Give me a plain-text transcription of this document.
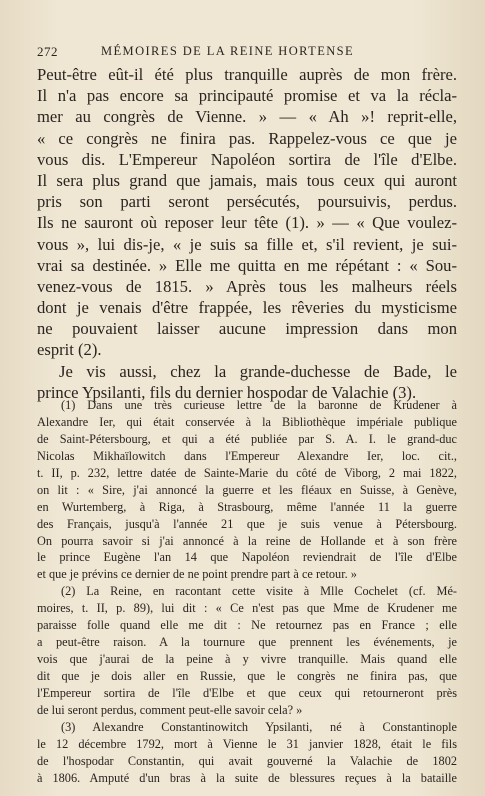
272	MÉMOIRES DE LA REINE HORTENSE
Peut-être eût-il été plus tranquille auprès de mon frère.
Il n'a pas encore sa principauté promise et va la récla-
mer au congrès de Vienne. » — « Ah »! reprit-elle,
« ce congrès ne finira pas. Rappelez-vous ce que je
vous dis. L'Empereur Napoléon sortira de l'île d'Elbe.
Il sera plus grand que jamais, mais tous ceux qui auront
pris son parti seront persécutés, poursuivis, perdus.
Ils ne sauront où reposer leur tête (1). » — « Que voulez-
vous », lui dis-je, « je suis sa fille et, s'il revient, je sui-
vrai sa destinée. » Elle me quitta en me répétant : « Sou-
venez-vous de 1815. » Après tous les malheurs réels
dont je venais d'être frappée, les rêveries du mysticisme
ne pouvaient laisser aucune impression dans mon
esprit (2).
Je vis aussi, chez la grande-duchesse de Bade, le
prince Ypsilanti, fils du dernier hospodar de Valachie (3).
(1) Dans une très curieuse lettre de la baronne de Krudener à
Alexandre Ier, qui était conservée à la Bibliothèque impériale publique
de Saint-Pétersbourg, et qui a été publiée par S. A. I. le grand-duc
Nicolas Mikhaïlowitch dans l'Empereur Alexandre Ier, loc. cit.,
t. II, p. 232, lettre datée de Sainte-Marie du côté de Viborg, 2 mai 1822,
on lit : « Sire, j'ai annoncé la guerre et les fléaux en Suisse, à Genève,
en Wurtemberg, à Riga, à Strasbourg, même l'année 11 la guerre
des Français, jusqu'à l'année 21 que je suis venue à Pétersbourg.
On pourra savoir si j'ai annoncé à la reine de Hollande et à son frère
le prince Eugène l'an 14 que Napoléon reviendrait de l'île d'Elbe
et que je prévins ce dernier de ne point prendre part à ce retour. »
(2) La Reine, en racontant cette visite à Mlle Cochelet (cf. Mé-
moires, t. II, p. 89), lui dit : « Ce n'est pas que Mme de Krudener me
paraisse folle quand elle me dit : Ne retournez pas en France ; elle
a peut-être raison. A la tournure que prennent les événements, je
vois que j'aurai de la peine à y vivre tranquille. Mais quand elle
dit que je dois aller en Russie, que le congrès ne finira pas, que
l'Empereur sortira de l'île d'Elbe et que ceux qui retourneront près
de lui seront perdus, comment peut-elle savoir cela? »
(3) Alexandre Constantinowitch Ypsilanti, né à Constantinople
le 12 décembre 1792, mort à Vienne le 31 janvier 1828, était le fils
de l'hospodar Constantin, qui avait gouverné la Valachie de 1802
à 1806. Amputé d'un bras à la suite de blessures reçues à la bataille
